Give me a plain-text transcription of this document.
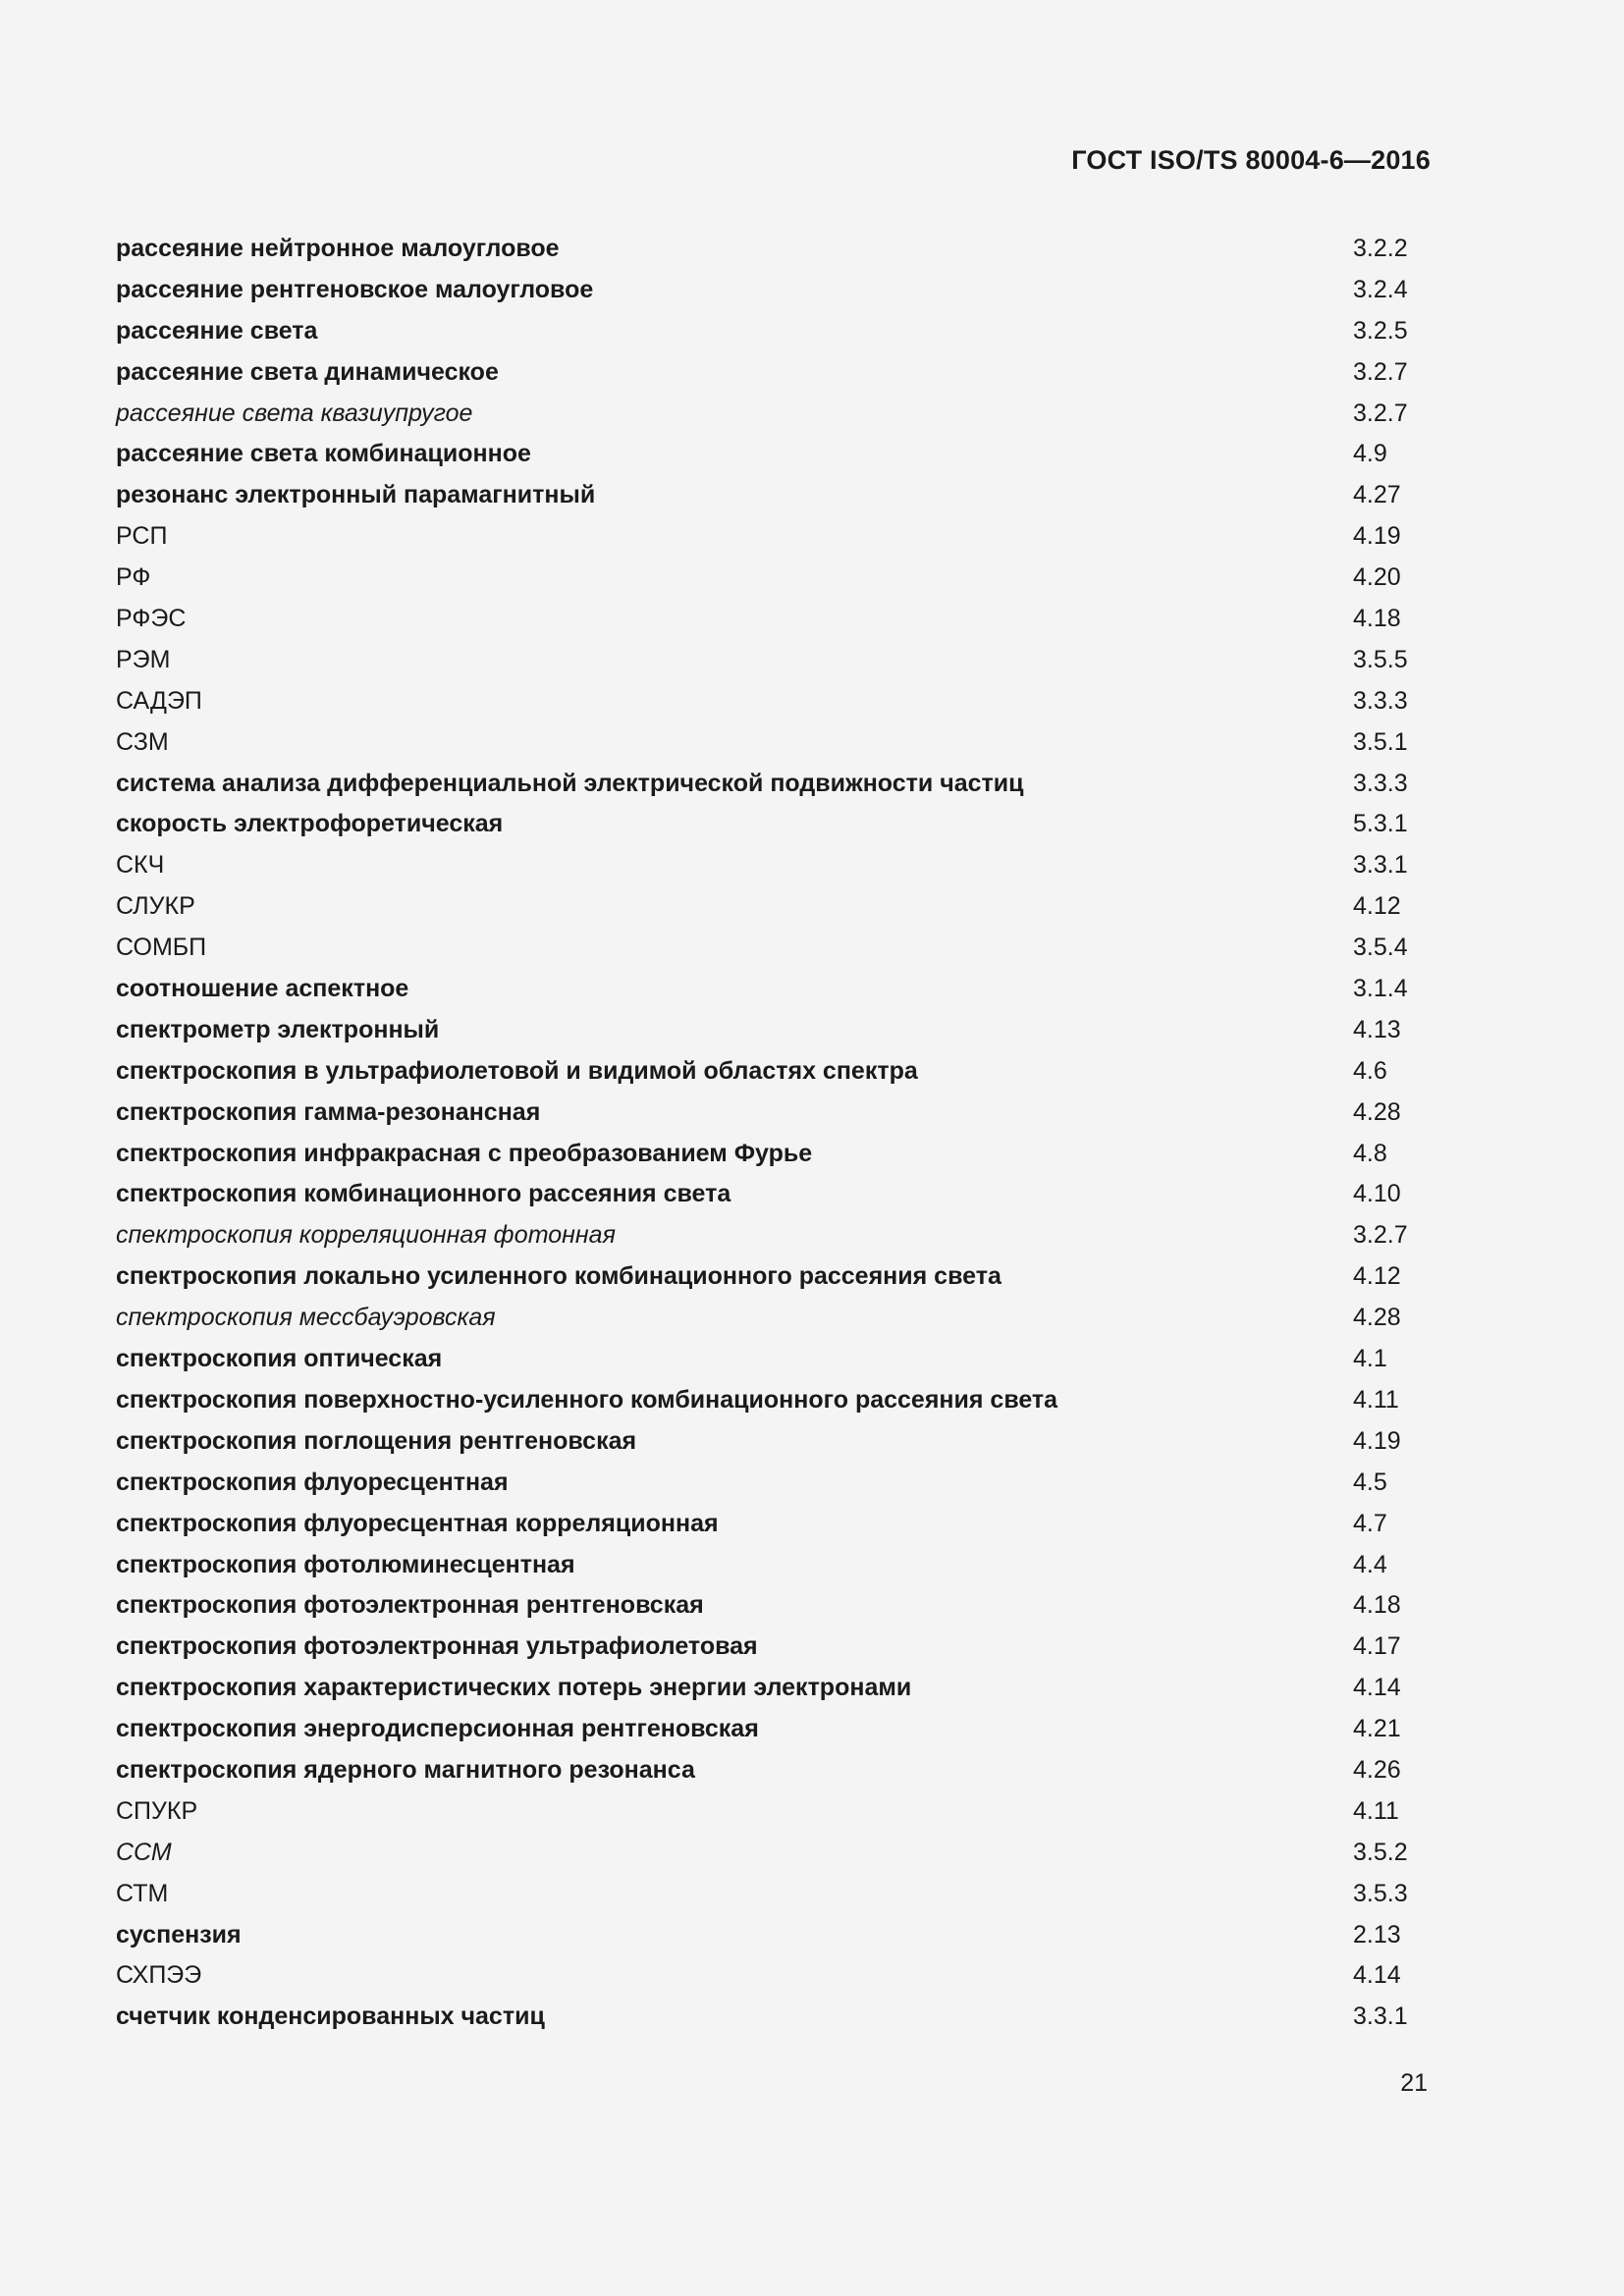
ГОСТ ISO/TS 80004-6—2016
рассеяние нейтронное малоугловое	3.2.2
рассеяние рентгеновское малоугловое	3.2.4
рассеяние света	3.2.5
рассеяние света динамическое	3.2.7
рассеяние света квазиупругое	3.2.7
рассеяние света комбинационное	4.9
резонанс электронный парамагнитный	4.27
РСП	4.19
РФ	4.20
РФЭС	4.18
РЭМ	3.5.5
САДЭП	3.3.3
СЗМ	3.5.1
система анализа дифференциальной электрической подвижности частиц	3.3.3
скорость электрофоретическая	5.3.1
СКЧ	3.3.1
СЛУКР	4.12
СОМБП	3.5.4
соотношение аспектное	3.1.4
спектрометр электронный	4.13
спектроскопия в ультрафиолетовой и видимой областях спектра	4.6
спектроскопия гамма-резонансная	4.28
спектроскопия инфракрасная с преобразованием Фурье	4.8
спектроскопия комбинационного рассеяния света	4.10
спектроскопия корреляционная фотонная	3.2.7
спектроскопия локально усиленного комбинационного рассеяния света	4.12
спектроскопия мессбауэровская	4.28
спектроскопия оптическая	4.1
спектроскопия поверхностно-усиленного комбинационного рассеяния света	4.11
спектроскопия поглощения рентгеновская	4.19
спектроскопия флуоресцентная	4.5
спектроскопия флуоресцентная корреляционная	4.7
спектроскопия фотолюминесцентная	4.4
спектроскопия фотоэлектронная рентгеновская	4.18
спектроскопия фотоэлектронная ультрафиолетовая	4.17
спектроскопия характеристических потерь энергии электронами	4.14
спектроскопия энергодисперсионная рентгеновская	4.21
спектроскопия ядерного магнитного резонанса	4.26
СПУКР	4.11
ССМ	3.5.2
СТМ	3.5.3
суспензия	2.13
СХПЭЭ	4.14
счетчик конденсированных частиц	3.3.1
21
